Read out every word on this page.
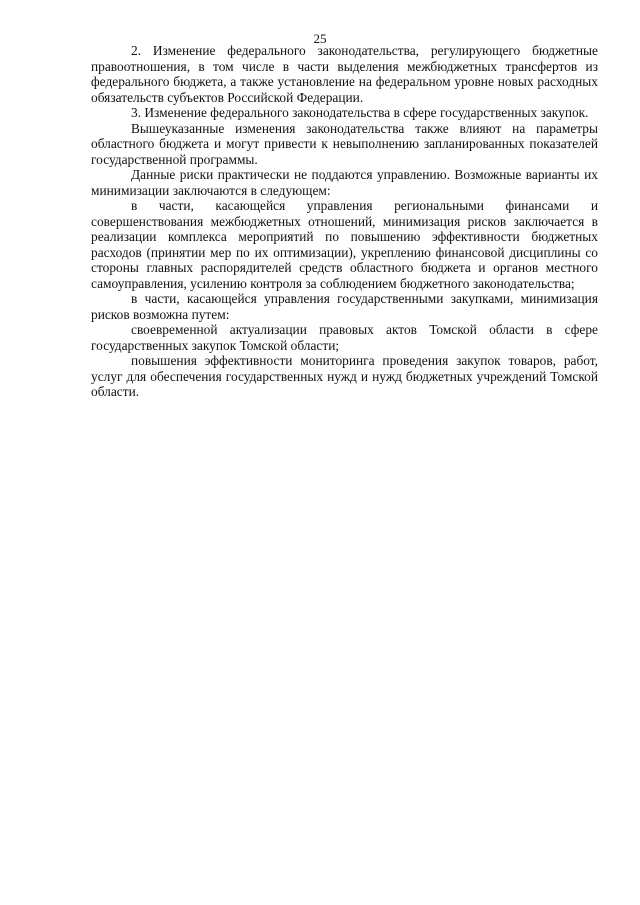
25

2. Изменение федерального законодательства, регулирующего бюджетные правоотношения, в том числе в части выделения межбюджетных трансфертов из федерального бюджета, а также установление на федеральном уровне новых расходных обязательств субъектов Российской Федерации.

3. Изменение федерального законодательства в сфере государственных закупок.

Вышеуказанные изменения законодательства также влияют на параметры областного бюджета и могут привести к невыполнению запланированных показателей государственной программы.

Данные риски практически не поддаются управлению. Возможные варианты их минимизации заключаются в следующем:

в части, касающейся управления региональными финансами и совершенствования межбюджетных отношений, минимизация рисков заключается в реализации комплекса мероприятий по повышению эффективности бюджетных расходов (принятии мер по их оптимизации), укреплению финансовой дисциплины со стороны главных распорядителей средств областного бюджета и органов местного самоуправления, усилению контроля за соблюдением бюджетного законодательства;

в части, касающейся управления государственными закупками, минимизация рисков возможна путем:

своевременной актуализации правовых актов Томской области в сфере государственных закупок Томской области;

повышения эффективности мониторинга проведения закупок товаров, работ, услуг для обеспечения государственных нужд и нужд бюджетных учреждений Томской области.
